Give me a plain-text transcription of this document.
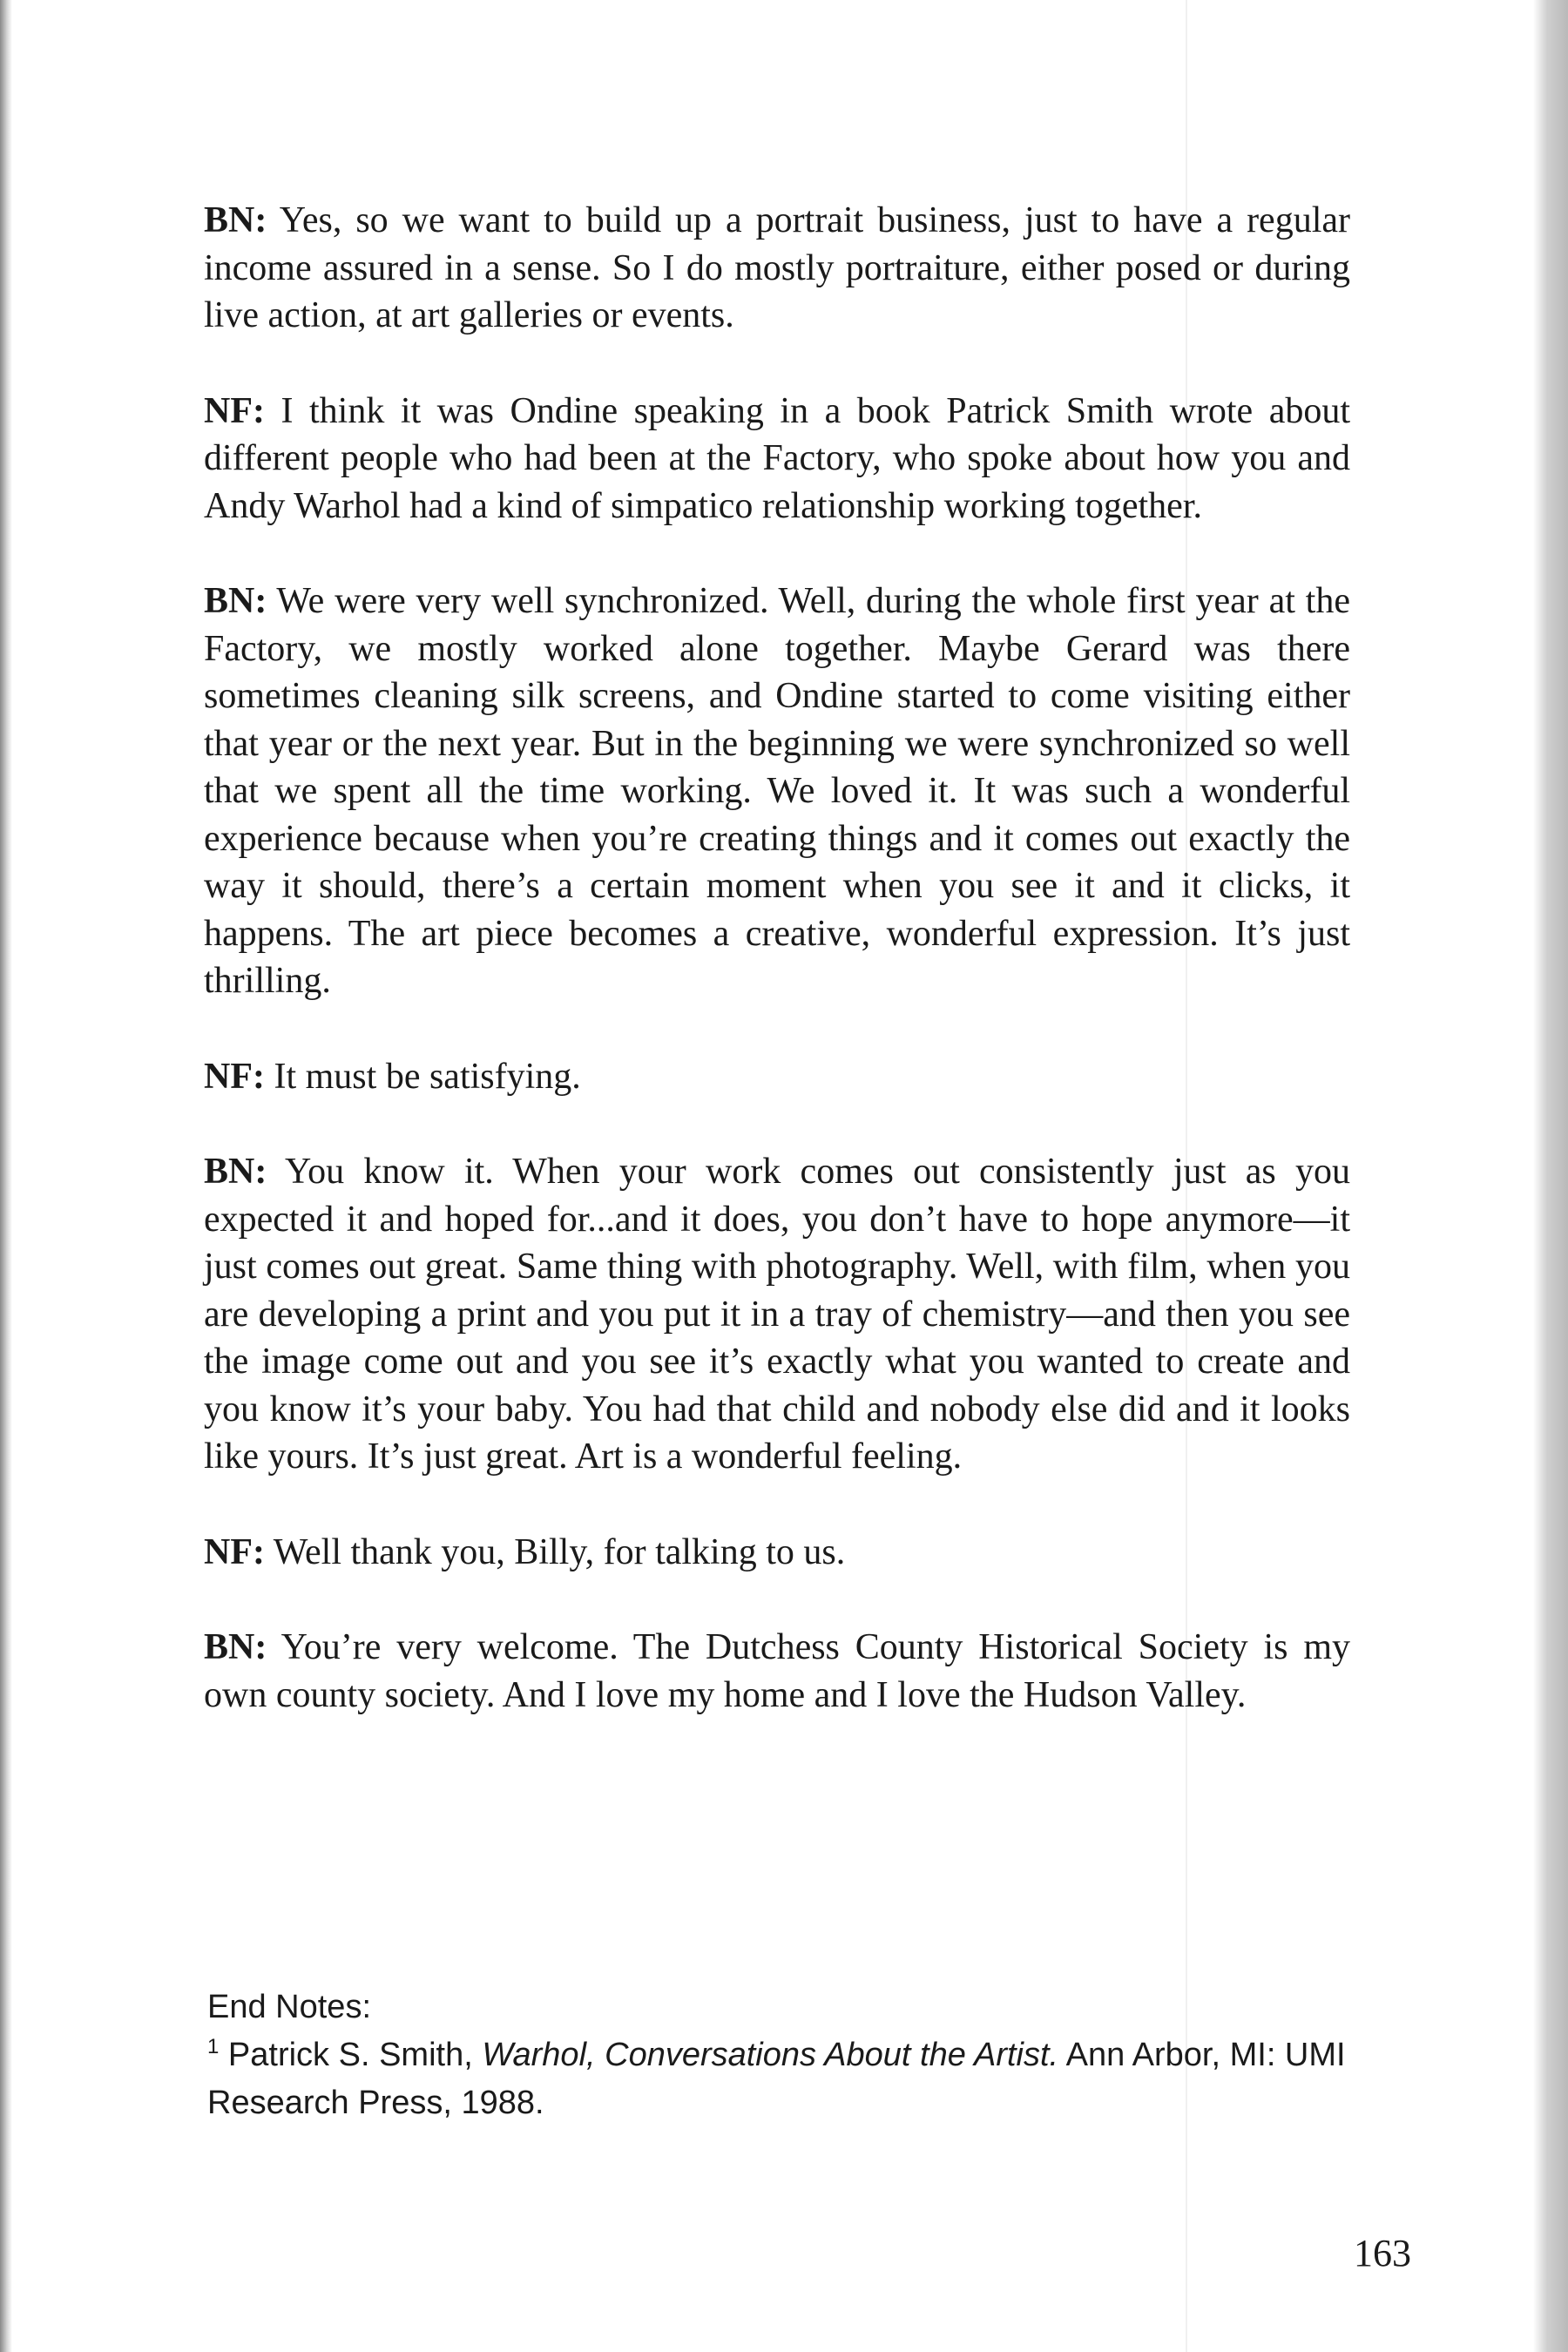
BN: Yes, so we want to build up a portrait business, just to have a regular income assured in a sense. So I do mostly portraiture, either posed or during live action, at art galleries or events.

NF: I think it was Ondine speaking in a book Patrick Smith wrote about different people who had been at the Factory, who spoke about how you and Andy Warhol had a kind of simpatico relationship working together.

BN: We were very well synchronized. Well, during the whole first year at the Factory, we mostly worked alone together. Maybe Gerard was there sometimes cleaning silk screens, and Ondine started to come visiting either that year or the next year. But in the beginning we were synchronized so well that we spent all the time working. We loved it. It was such a wonderful experience because when you’re creating things and it comes out exactly the way it should, there’s a certain moment when you see it and it clicks, it happens. The art piece becomes a creative, wonderful expression. It’s just thrilling.

NF: It must be satisfying.

BN: You know it. When your work comes out consistently just as you expected it and hoped for...and it does, you don’t have to hope anymore—it just comes out great. Same thing with photography. Well, with film, when you are developing a print and you put it in a tray of chemistry—and then you see the image come out and you see it’s exactly what you wanted to create and you know it’s your baby. You had that child and nobody else did and it looks like yours. It’s just great. Art is a wonderful feeling.

NF: Well thank you, Billy, for talking to us.

BN: You’re very welcome. The Dutchess County Historical Society is my own county society. And I love my home and I love the Hudson Valley.

End Notes:

$^1$ Patrick S. Smith, Warhol, Conversations About the Artist. Ann Arbor, MI: UMI Research Press, 1988.

163
